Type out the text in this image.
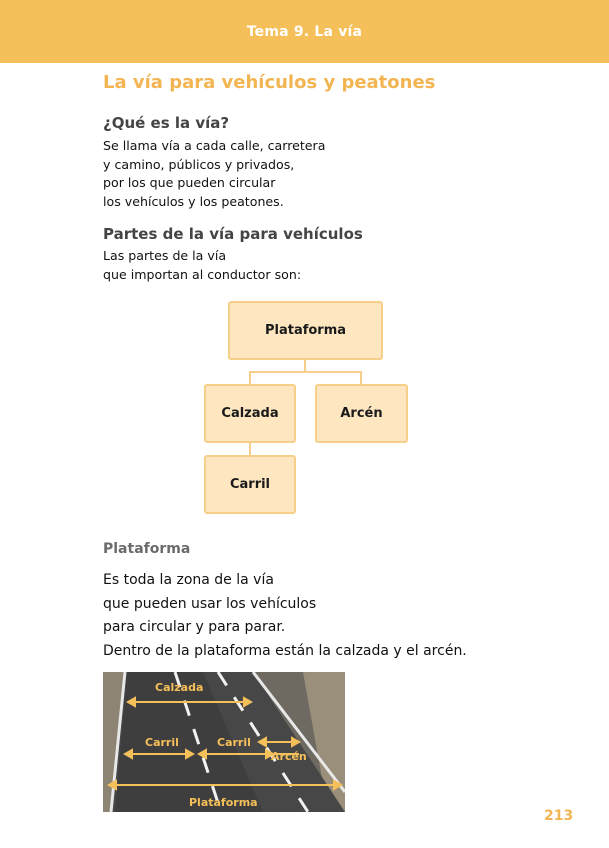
Tema 9. La vía
La vía para vehículos y peatones
¿Qué es la vía?
Se llama vía a cada calle, carretera
y camino, públicos y privados,
por los que pueden circular
los vehículos y los peatones.
Partes de la vía para vehículos
Las partes de la vía
que importan al conductor son:
Plataforma
Calzada	Arcén
Carril
Plataforma
Es toda la zona de la vía
que pueden usar los vehículos
para circular y para parar.
Dentro de la plataforma están la calzada y el arcén.
Calzada
Carril	Carril
Arcén
Plataforma
213
